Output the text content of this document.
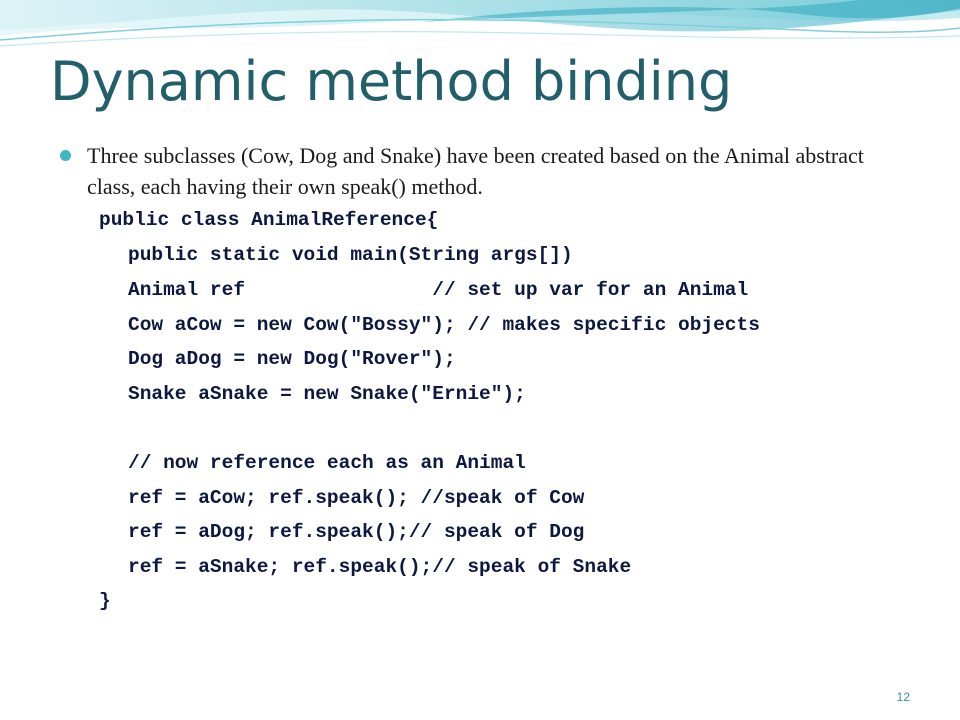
Dynamic method binding
Three subclasses (Cow, Dog and Snake) have been created based on the Animal abstract class, each having their own speak() method.
public class AnimalReference{
public static void main(String args[])
Animal ref                // set up var for an Animal
Cow aCow = new Cow("Bossy"); // makes specific objects
Dog aDog = new Dog("Rover");
Snake aSnake = new Snake("Ernie");
// now reference each as an Animal
ref = aCow; ref.speak(); //speak of Cow
ref = aDog; ref.speak();// speak of Dog
ref = aSnake; ref.speak();// speak of Snake
}
12
